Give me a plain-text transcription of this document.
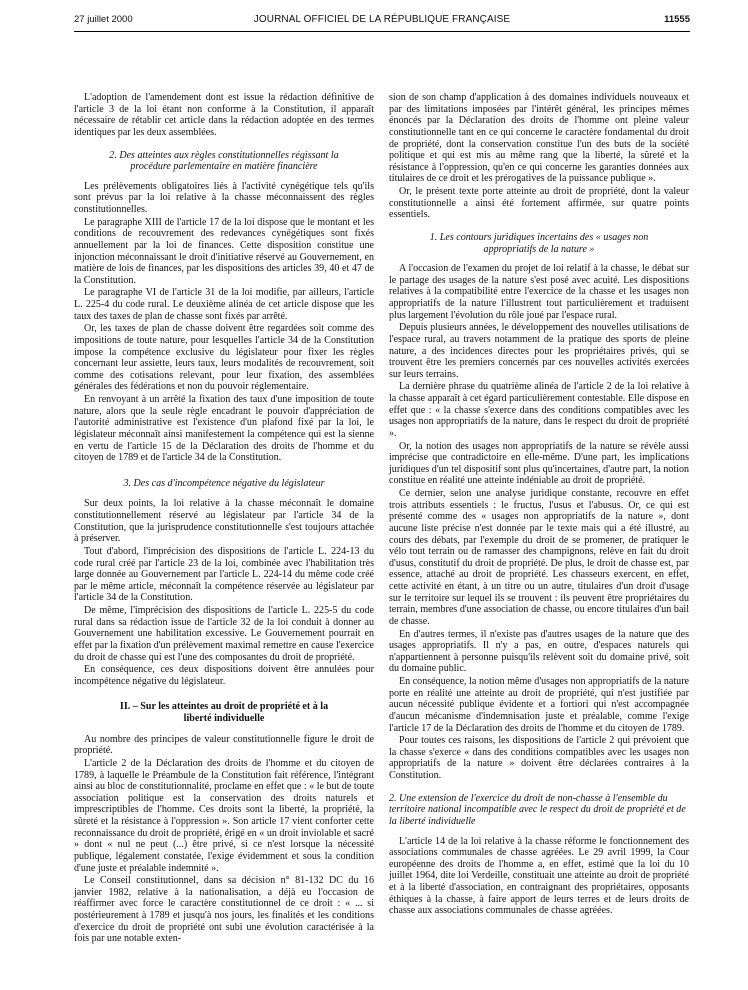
27 juillet 2000	JOURNAL OFFICIEL DE LA RÉPUBLIQUE FRANÇAISE	11555

L'adoption de l'amendement dont est issue la rédaction définitive de l'article 3 de la loi étant non conforme à la Constitution, il apparaît nécessaire de rétablir cet article dans la rédaction adoptée en des termes identiques par les deux assemblées.

2. Des atteintes aux règles constitutionnelles régissant la procédure parlementaire en matière financière

Les prélèvements obligatoires liés à l'activité cynégétique tels qu'ils sont prévus par la loi relative à la chasse méconnaissent des règles constitutionnelles.

Le paragraphe XIII de l'article 17 de la loi dispose que le montant et les conditions de recouvrement des redevances cynégétiques sont fixés annuellement par la loi de finances. Cette disposition constitue une injonction méconnaissant le droit d'initiative réservé au Gouvernement, en matière de lois de finances, par les dispositions des articles 39, 40 et 47 de la Constitution.

Le paragraphe VI de l'article 31 de la loi modifie, par ailleurs, l'article L. 225-4 du code rural. Le deuxième alinéa de cet article dispose que les taux des taxes de plan de chasse sont fixés par arrêté.

Or, les taxes de plan de chasse doivent être regardées soit comme des impositions de toute nature, pour lesquelles l'article 34 de la Constitution impose la compétence exclusive du législateur pour fixer les règles concernant leur assiette, leurs taux, leurs modalités de recouvrement, soit comme des cotisations relevant, pour leur fixation, des assemblées générales des fédérations et non du pouvoir réglementaire.

En renvoyant à un arrêté la fixation des taux d'une imposition de toute nature, alors que la seule règle encadrant le pouvoir d'appréciation de l'autorité administrative est l'existence d'un plafond fixé par la loi, le législateur méconnaît ainsi manifestement la compétence qui est la sienne en vertu de l'article 15 de la Déclaration des droits de l'homme et du citoyen de 1789 et de l'article 34 de la Constitution.

3. Des cas d'incompétence négative du législateur

Sur deux points, la loi relative à la chasse méconnaît le domaine constitutionnellement réservé au législateur par l'article 34 de la Constitution, que la jurisprudence constitutionnelle s'est toujours attachée à préserver.

Tout d'abord, l'imprécision des dispositions de l'article L. 224-13 du code rural créé par l'article 23 de la loi, combinée avec l'habilitation très large donnée au Gouvernement par l'article L. 224-14 du même code créé par le même article, méconnaît la compétence réservée au législateur par l'article 34 de la Constitution.

De même, l'imprécision des dispositions de l'article L. 225-5 du code rural dans sa rédaction issue de l'article 32 de la loi conduit à donner au Gouvernement une habilitation excessive. Le Gouvernement pourrait en effet par la fixation d'un prélèvement maximal remettre en cause l'exercice du droit de chasse qui est l'une des composantes du droit de propriété.

En conséquence, ces deux dispositions doivent être annulées pour incompétence négative du législateur.

II. – Sur les atteintes au droit de propriété et à la liberté individuelle

Au nombre des principes de valeur constitutionnelle figure le droit de propriété.

L'article 2 de la Déclaration des droits de l'homme et du citoyen de 1789, à laquelle le Préambule de la Constitution fait référence, l'intégrant ainsi au bloc de constitutionnalité, proclame en effet que : « le but de toute association politique est la conservation des droits naturels et imprescriptibles de l'homme. Ces droits sont la liberté, la propriété, la sûreté et la résistance à l'oppression ». Son article 17 vient conforter cette reconnaissance du droit de propriété, érigé en « un droit inviolable et sacré » dont « nul ne peut (...) être privé, si ce n'est lorsque la nécessité publique, légalement constatée, l'exige évidemment et sous la condition d'une juste et préalable indemnité ».

Le Conseil constitutionnel, dans sa décision n° 81-132 DC du 16 janvier 1982, relative à la nationalisation, a déjà eu l'occasion de réaffirmer avec force le caractère constitutionnel de ce droit : « ... si postérieurement à 1789 et jusqu'à nos jours, les finalités et les conditions d'exercice du droit de propriété ont subi une évolution caractérisée à la fois par une notable exten-

sion de son champ d'application à des domaines individuels nouveaux et par des limitations imposées par l'intérêt général, les principes mêmes énoncés par la Déclaration des droits de l'homme ont pleine valeur constitutionnelle tant en ce qui concerne le caractère fondamental du droit de propriété, dont la conservation constitue l'un des buts de la société politique et qui est mis au même rang que la liberté, la sûreté et la résistance à l'oppression, qu'en ce qui concerne les garanties données aux titulaires de ce droit et les prérogatives de la puissance publique ».

Or, le présent texte porte atteinte au droit de propriété, dont la valeur constitutionnelle a ainsi été fortement affirmée, sur quatre points essentiels.

1. Les contours juridiques incertains des « usages non appropriatifs de la nature »

A l'occasion de l'examen du projet de loi relatif à la chasse, le débat sur le partage des usages de la nature s'est posé avec acuité. Les dispositions relatives à la compatibilité entre l'exercice de la chasse et les usages non appropriatifs de la nature l'illustrent tout particulièrement et traduisent plus largement l'évolution du rôle joué par l'espace rural.

Depuis plusieurs années, le développement des nouvelles utilisations de l'espace rural, au travers notamment de la pratique des sports de pleine nature, a des incidences directes pour les propriétaires privés, qui se trouvent être les premiers concernés par ces nouvelles activités exercées sur leurs terrains.

La dernière phrase du quatrième alinéa de l'article 2 de la loi relative à la chasse apparaît à cet égard particulièrement contestable. Elle dispose en effet que : « la chasse s'exerce dans des conditions compatibles avec les usages non appropriatifs de la nature, dans le respect du droit de propriété ».

Or, la notion des usages non appropriatifs de la nature se révèle aussi imprécise que contradictoire en elle-même. D'une part, les implications juridiques d'un tel dispositif sont plus qu'incertaines, d'autre part, la notion constitue en réalité une atteinte indéniable au droit de propriété.

Ce dernier, selon une analyse juridique constante, recouvre en effet trois attributs essentiels : le fructus, l'usus et l'abusus. Or, ce qui est présenté comme des « usages non appropriatifs de la nature », dont aucune liste précise n'est donnée par le texte mais qui a été illustré, au cours des débats, par l'exemple du droit de se promener, de pratiquer le vélo tout terrain ou de ramasser des champignons, relève en fait du droit d'usus, constitutif du droit de propriété. De plus, le droit de chasse est, par essence, attaché au droit de propriété. Les chasseurs exercent, en effet, cette activité en étant, à un titre ou un autre, titulaires d'un droit d'usage sur le territoire sur lequel ils se trouvent : ils peuvent être propriétaires du terrain, membres d'une association de chasse, ou encore titulaires d'un bail de chasse.

En d'autres termes, il n'existe pas d'autres usages de la nature que des usages appropriatifs. Il n'y a pas, en outre, d'espaces naturels qui n'appartiennent à personne puisqu'ils relèvent soit du domaine privé, soit du domaine public.

En conséquence, la notion même d'usages non appropriatifs de la nature porte en réalité une atteinte au droit de propriété, qui n'est justifiée par aucun nécessité publique évidente et a fortiori qui n'est accompagnée d'aucun mécanisme d'indemnisation juste et préalable, comme l'exige l'article 17 de la Déclaration des droits de l'homme et du citoyen de 1789.

Pour toutes ces raisons, les dispositions de l'article 2 qui prévoient que la chasse s'exerce « dans des conditions compatibles avec les usages non appropriatifs de la nature » doivent être déclarées contraires à la Constitution.

2. Une extension de l'exercice du droit de non-chasse à l'ensemble du territoire national incompatible avec le respect du droit de propriété et de la liberté individuelle

L'article 14 de la loi relative à la chasse réforme le fonctionnement des associations communales de chasse agréées. Le 29 avril 1999, la Cour européenne des droits de l'homme a, en effet, estimé que la loi du 10 juillet 1964, dite loi Verdeille, constituait une atteinte au droit de propriété et à la liberté d'association, en contraignant des propriétaires, opposants éthiques à la chasse, à faire apport de leurs terres et de leurs droits de chasse aux associations communales de chasse agréées.
